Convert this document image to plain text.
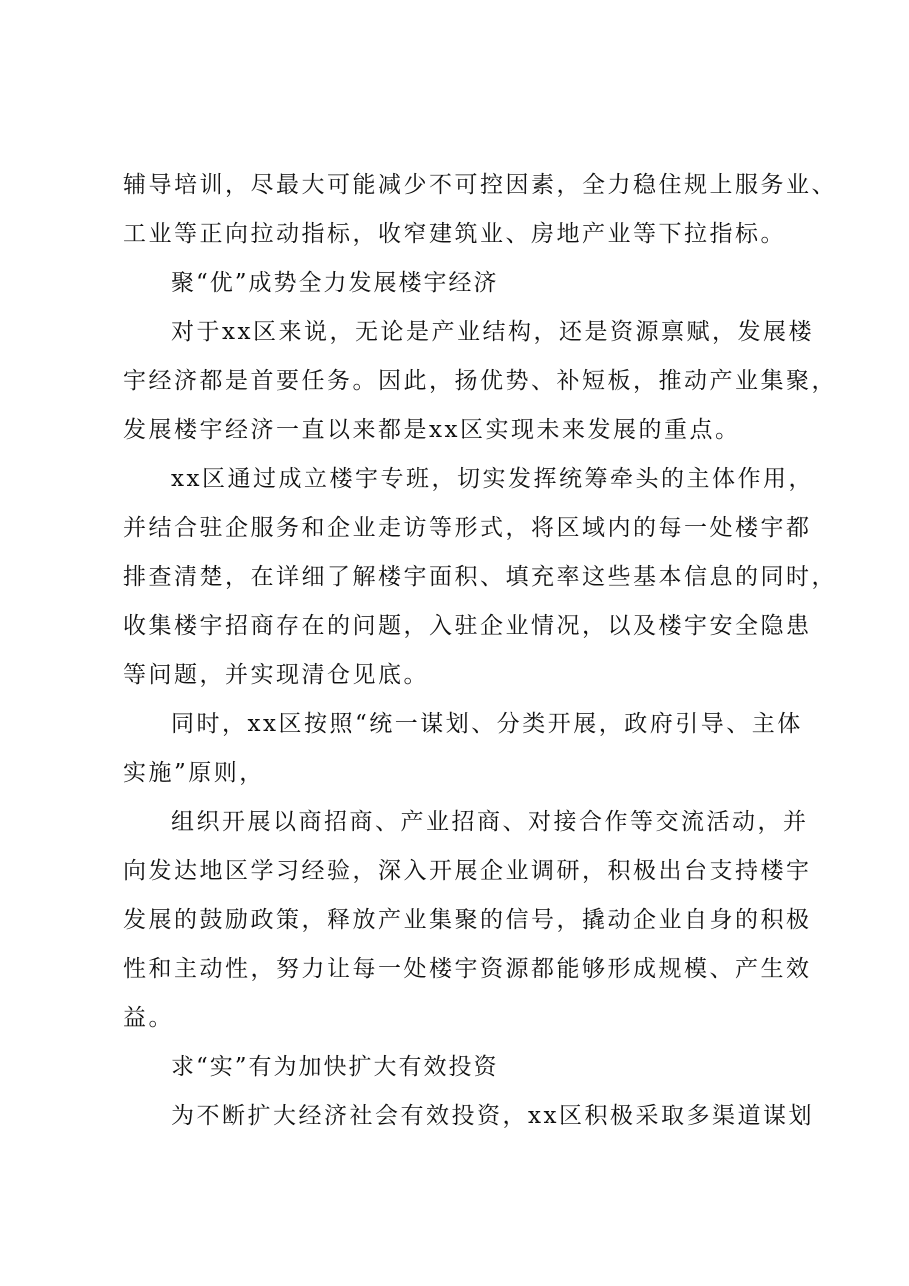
辅导培训，尽最大可能减少不可控因素，全力稳住规上服务业、
工业等正向拉动指标，收窄建筑业、房地产业等下拉指标。
聚“优”成势全力发展楼宇经济
对于xx区来说，无论是产业结构，还是资源禀赋，发展楼
宇经济都是首要任务。因此，扬优势、补短板，推动产业集聚，
发展楼宇经济一直以来都是xx区实现未来发展的重点。
xx区通过成立楼宇专班，切实发挥统筹牵头的主体作用，
并结合驻企服务和企业走访等形式，将区域内的每一处楼宇都
排查清楚，在详细了解楼宇面积、填充率这些基本信息的同时，
收集楼宇招商存在的问题，入驻企业情况，以及楼宇安全隐患
等问题，并实现清仓见底。
同时，xx区按照“统一谋划、分类开展，政府引导、主体
实施”原则，
组织开展以商招商、产业招商、对接合作等交流活动，并
向发达地区学习经验，深入开展企业调研，积极出台支持楼宇
发展的鼓励政策，释放产业集聚的信号，撬动企业自身的积极
性和主动性，努力让每一处楼宇资源都能够形成规模、产生效
益。
求“实”有为加快扩大有效投资
为不断扩大经济社会有效投资，xx区积极采取多渠道谋划
